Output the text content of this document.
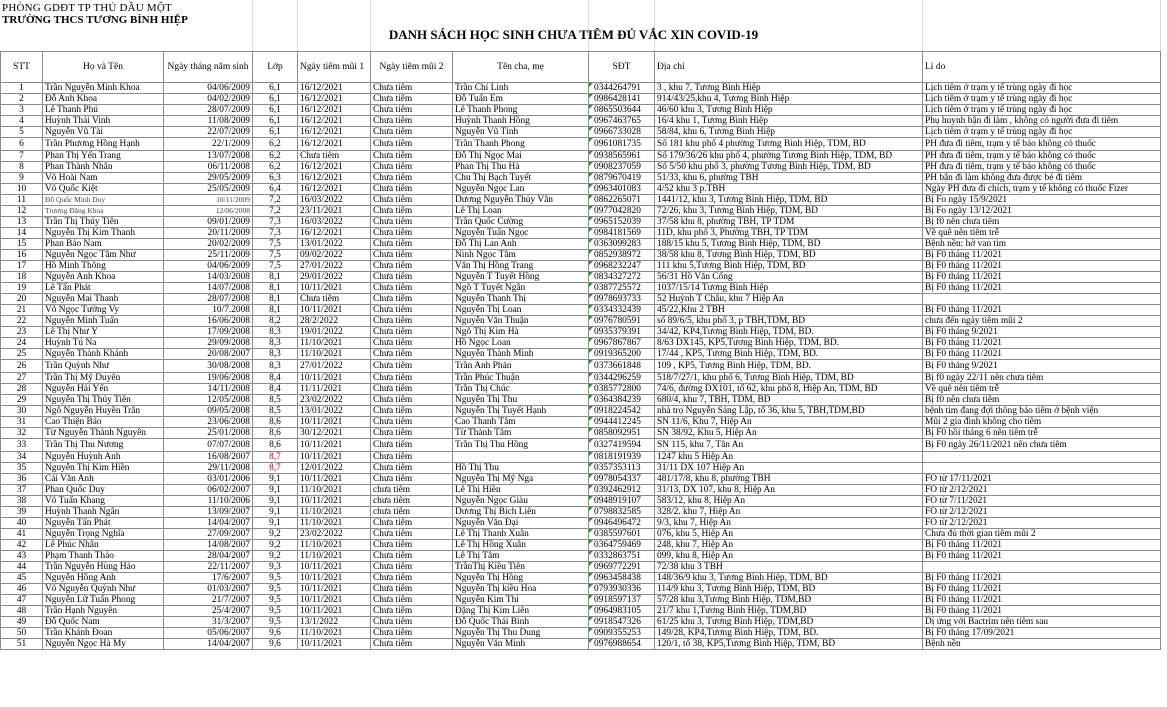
PHÒNG GDĐT TP THỦ DẦU MỘT
TRƯỜNG THCS TƯƠNG BÌNH HIỆP
DANH SÁCH HỌC SINH CHƯA TIÊM ĐỦ VẮC XIN COVID-19
STT	Họ và Tên	Ngày tháng năm sinh	Lớp	Ngày tiêm mũi 1	Ngày tiêm mũi 2	Tên cha, mẹ	SĐT	Địa chỉ	Lí do
1	Trần Nguyễn Minh Khoa	04/06/2009	6,1	16/12/2021	Chưa tiêm	Trần Chí Linh	0344264791	3 , khu 7, Tương Bình Hiệp	Lịch tiêm ở trạm y tế trùng ngày đi học
2	Đỗ Anh Khoa	04/02/2009	6,1	16/12/2021	Chưa tiêm	Đỗ Tuấn Em	0986428141	914/43/25,khu 4, Tương Bình Hiệp	Lịch tiêm ở trạm y tế trùng ngày đi học
3	Lê Thanh Phú	28/07/2009	6,1	16/12/2021	Chưa tiêm	Lê Thanh Phong	0865503644	46/60 khu 3, Tương Bình Hiệp	Lịch tiêm ở trạm y tế trùng ngày đi học
4	Huỳnh Thái Vinh	11/08/2009	6,1	16/12/2021	Chưa tiêm	Huỳnh Thanh Hồng	0967463765	16/4 khu 1, Tương Bình Hiệp	Phụ huynh bận đi làm , không có người đưa đi tiêm
5	Nguyễn Vũ Tài	22/07/2009	6,1	16/12/2021	Chưa tiêm	Nguyễn Vũ Tỉnh	0966733028	58/84, khu 6, Tương Bình Hiệp	Lịch tiêm ở trạm y tế trùng ngày đi học
6	Trần Phương Hồng Hạnh	22/1/2009	6,2	16/12/2021	Chưa tiêm	Trần Thanh Phong	0961081735	Số 181 khu phố 4 phường Tương Bình Hiệp, TDM, BD	PH đưa đi tiêm, trạm y tế báo không có thuốc
7	Phan Thị Yến Trang	13/07/2008	6,2	Chưa tiêm	Chưa tiêm	Đỗ Thị Ngọc Mai	0938565961	Số 179/36/26 khu phố 4, phường Tương Bình Hiệp, TDM, BD	PH đưa đi tiêm, trạm y tế báo không có thuốc
8	Phan Thành Nhân	06/11/2008	6,2	16/12/2021	Chưa tiêm	Phan Thị Thu Hà	0908237059	Số 5/50 khu phố 3, phường Tương Bình Hiệp, TDM, BD	PH đưa đi tiêm, trạm y tế báo không có thuốc
9	Võ Hoài Nam	29/05/2009	6,3	16/12/2021	Chưa tiêm	Chu Thị Bạch Tuyết	0879670419	51/33, khu 6, phường TBH	PH bận đi làm không đưa được bé đi tiêm
10	Võ Quốc Kiệt	25/05/2009	6,4	16/12/2021	Chưa tiêm	Nguyễn Ngọc Lan	0963401083	4/52 khu 3 p.TBH	Ngày PH đưa đi chích, trạm y tế không có thuốc Fizer
11	Đỗ Quốc Minh Duy	10/11/2009	7,2	16/03/2022	Chưa tiêm	Dương Nguyễn Thủy Vân	0862265071	1441/12, khu 3, Tương Bình Hiệp, TDM, BD	Bị Fo ngày 15/9/2021
12	Trương Đăng Khoa	12/06/2008	7,2	23/11/2021	Chưa tiêm	Lê Thị Loan	0977042820	72/26, khu 3, Tương Bình Hiệp, TDM, BD	Bị Fo ngày 13/12/2021
13	Trần Thị Thúy Tiên	09/01/2009	7,3	16/03/2022	Chưa tiêm	Trần Quốc Cường	0965152039	37/58 khu 8, phường TBH, TP TDM	Bị f0 nên chưa tiêm
14	Nguyễn Thị Kim Thanh	20/11/2009	7,3	16/12/2021	Chưa tiêm	Nguyễn Tuấn Ngọc	0984181569	11D, khu phố 3, Phường TBH, TP TDM	Về quê nên tiêm trễ
15	Phan Bảo Nam	20/02/2009	7,5	13/01/2022	Chưa tiêm	Đỗ Thị Lan Anh	0363099283	188/15 khu 5, Tương Bình Hiệp, TDM, BD	Bệnh nền: hở van tim
16	Nguyễn Ngọc Tâm Như	25/11/2009	7,5	09/02/2022	Chưa tiêm	Ninh Ngọc Tâm	0852938972	38/58 khu 8, Tương Bình Hiệp, TDM, BD	Bị F0 tháng 11/2021
17	Hồ Minh Thông	04/06/2009	7,5	27/01/2022	Chưa tiêm	Văn Thị Hồng Trang	0968232247	111 khu 5,Tương Bình Hiệp, TDM, BD	Bị F0 tháng 11/2021
18	Nguyễn Anh Khoa	14/03/2008	8,1	29/01/2022	Chưa tiêm	Nguyễn T Tuyết Hồng	0834327272	56/31 Hồ Văn Cống	Bị F0 tháng 11/2021
19	Lê Tấn Phát	14/07/2008	8,1	10/11/2021	Chưa tiêm	Ngô T Tuyết Ngân	0387725572	1037/15/14 Tương Bình Hiệp	Bị F0 tháng 11/2021
20	Nguyễn Mai Thanh	28/07/2008	8,1	Chưa tiêm	Chưa tiêm	Nguyễn Thanh Thị	0978693733	52 Huỳnh T Châu, khu 7 Hiệp An	
21	Võ Ngọc Tường Vy	10/7.2008	8,1	10/11/2021	Chưa tiêm	Nguyễn Thị Loan	0334332439	45/22,Khu 2 TBH	Bị F0 tháng 11/2021
22	Nguyễn Minh Tuấn	16/06/2008	8,2	28/2/2022	Chưa tiêm	Nguyễn Văn Thuận	0976780591	số 89/6/5, khu phố 3, p TBH,TDM, BD	chưa đến ngày tiêm mũi 2
23	Lê Thị Như Ý	17/09/2008	8,3	19/01/2022	Chưa tiêm	Ngô Thị Kim Hà	0935379391	34/42, KP4,Tương Bình Hiệp, TDM, BD.	Bị F0 tháng 9/2021
24	Huỳnh Tú Na	29/09/2008	8,3	11/10/2021	Chưa tiêm	Hồ Ngọc Loan	0967867867	8/63 DX145, KP5,Tương Bình Hiệp, TDM, BD.	Bị F0 tháng 11/2021
25	Nguyễn Thành Khánh	20/08/2007	8,3	11/10/2021	Chưa tiêm	Nguyễn Thành Minh	0919365200	17/44 , KP5, Tương Bình Hiệp, TDM, BD.	Bị F0 tháng 11/2021
26	Trần Quỳnh Như	30/08/2008	8,3	27/01/2022	Chưa tiêm	Trần Anh Phán	0373661848	109 , KP5, Tương Bình Hiệp, TDM, BD.	Bị F0 tháng 9/2021
27	Trần Thị Mỹ Duyên	19/06/2008	8,4	10/11/2021	Chưa tiêm	Trần Phúc Thuận	0344296259	518/7/27/1, khu phố 6, Tương Bình Hiệp, TDM, BD	Bị f0 ngày 22/11 nên chưa tiêm
28	Nguyễn Hải Yến	14/11/2008	8,4	11/11/2021	Chưa tiêm	Trần Thị Chúc	0385772800	74/6, đường DX101, tổ 62, khu phố 8, Hiệp An, TDM, BD	Về quê nên tiêm trễ
29	Nguyễn Thị Thủy Tiên	12/05/2008	8,5	23/02/2022	Chưa tiêm	Nguyễn Thị Thu	0364384239	680/4, khu 7, TBH, TDM, BD	Bị f0 nên chưa tiêm
30	Ngô Nguyễn Huyền Trân	09/05/2008	8,5	13/01/2022	Chưa tiêm	Nguyễn Thị Tuyết Hạnh	0918224542	nhà trọ Nguyễn Sáng Lập, tổ 36, khu 5, TBH,TDM,BD	bệnh tim đang đợi thông báo tiêm ở bệnh viện
31	Cao Thiện Bảo	23/06/2008	8,6	10/11/2021	Chưa tiêm	Cao Thanh Tâm	0944412245	SN 11/6, Khu 7, Hiệp An	Mũi 2 gia đình không cho tiêm
32	Từ Nguyễn Thành Nguyên	25/01/2008	8,6	30/12/2021	Chưa tiêm	Từ Thành Tâm	0858092951	SN 38/92, Khu 5, Hiệp An	Bị F0 hồi tháng 6 nên tiêm trễ
33	Trần Thị Thu Nương	07/07/2008	8,6	10/11/2021	Chưa tiêm	Trần Thị Thu Hồng	0327419594	SN 115, khu 7, Tân An	Bị F0 ngày 26/11/2021 nên chưa tiêm
34	Nguyễn Huỳnh Anh	16/08/2007	8,7	10/11/2021	Chưa tiêm		0818191939	1247 khu 5 Hiệp An	
35	Nguyễn Thị Kim Hiền	29/11/2008	8,7	12/01/2022	Chưa tiêm	Hồ Thị Thu	0357353113	31/11 DX 107 Hiệp An	
36	Cái Văn Anh	03/01/2006	9,1	10/11/2021	Chưa tiêm	Nguyễn Thị Mỹ Nga	0978054337	481/17/8, khu 8, phường TBH	FO từ 17/11/2021
37	Phan Quốc Duy	06/02/2007	9,1	11/10/2021	chưa tiêm	Lê Thị Hiền	0392462912	31/13, DX 107, khu 8, Hiệp An	FO từ 2/12/2021
38	Võ Tuấn Khang	11/10/2006	9,1	10/11/2021	chưa tiêm	Nguyễn Ngọc Giàu	0948919107	583/12, khu 8, Hiệp An	FO từ 7/11/2021
39	Huỳnh Thanh Ngân	13/09/2007	9,1	11/10/2021	chưa tiêm	Dương Thị Bích Liên	0798832585	328/2. khu 7, Hiệp An	FO từ 2/12/2021
40	Nguyễn Tấn Phát	14/04/2007	9,1	11/10/2021	Chưa tiêm	Nguyễn Văn Đại	0946496472	9/3, khu 7, Hiệp An	FO từ 2/12/2021
41	Nguyễn Trọng Nghĩa	27/09/2007	9,2	23/02/2022	Chưa tiêm	Lê Thị Thanh Xuân	0385597601	076, khu 5, Hiệp An	Chưa đủ thời gian tiêm mũi 2
42	Lê Phúc Nhân	14/08/2007	9,2	11/10/2021	Chưa tiêm	Lê Thị Hồng Xuân	0364759469	248, khu 7, Hiệp An	Bị F0 tháng 11/2021
43	Phạm Thanh Thảo	28/04/2007	9,2	11/10/2021	Chưa tiêm	Lê Thị Tâm	0332863751	099, khu 8, Hiệp An	Bị F0 tháng 11/2021
44	Trần Nguyễn Hùng Hảo	22/11/2007	9,3	10/11/2021	Chưa tiêm	TrầnThị Kiều Tiên	0969772291	72/38 khu 3 TBH	
45	Nguyễn Hồng Anh	17/6/2007	9,5	10/11/2021	Chưa tiêm	Nguyễn Thị Hồng	0963458438	148/36/9 khu 3, Tương Bình Hiệp, TDM, BD	Bị F0 tháng 11/2021
46	Võ Nguyễn Quỳnh Như	01/03/2007	9,5	10/11/2021	Chưa tiêm	Nguyễn Thị kiều Hoa	0793930336	114/9 khu 3, Tương Bình Hiệp, TDM, BD	Bị F0 tháng 11/2021
47	Nguyễn Lữ Tuấn Phong	21/7/2007	9,5	10/11/2021	Chưa tiêm	Nguyễn Kim Thi	0918597137	57/28 khu 3,Tương Bình Hiệp, TDM,BD	Bị F0 tháng 11/2021
48	Trần Hạnh Nguyên	25/4/2007	9,5	10/11/2021	Chưa tiêm	Đặng Thị Kim Liên	0964983105	21/7 khu 1,Tương Bình Hiệp, TDM,BD	Bị F0 tháng 11/2021
49	Đỗ Quốc Nam	31/3/2007	9,5	13/1/2022	Chưa tiêm	Đỗ Quốc Thái Bình	0918547326	61/25 khu 3, Tương Bình Hiệp, TDM,BD	Dị ứng với Bactrim nên tiêm sau
50	Trần Khánh Đoan	05/06/2007	9,6	11/10/2021	Chưa tiêm	Nguyễn Thị Thu Dung	0909355253	149/28, KP4,Tương Bình Hiệp, TDM, BD.	Bị F0 tháng 17/09/2021
51	Nguyễn Ngọc Hà My	14/04/2007	9,6	10/11/2021	Chưa tiêm	Nguyễn Văn Minh	0976988654	120/1, tổ 38, KP5,Tương Bình Hiệp, TDM, BD	Bệnh nền
